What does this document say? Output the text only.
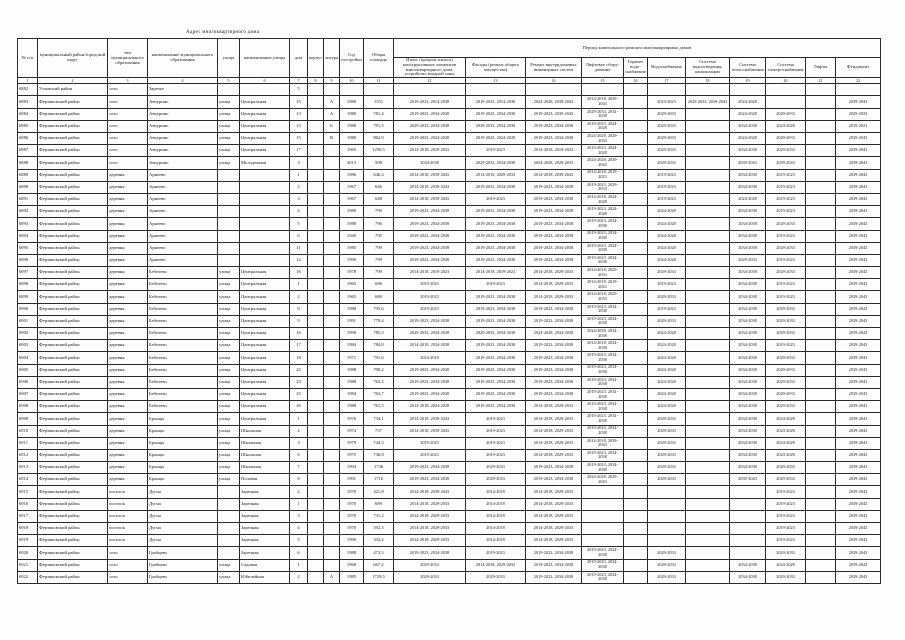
Адрес многоквартирного дома
№ п/п	муниципальный район/городской округ	тип муниципального образования	наименование муниципального образования	улица	наименование улицы	дом	корпус	литера	Год постройки	Общая площадь	Период капитального ремонта многоквартирных домов										
											Износ (процент износа) конструктивных элементов многоквартирного дома, устройство входной зоны	Фасады (ремонт общего имущества)	Ремонт внутридомовых инженерных систем	Лифтовое обору-дование	Горячее водо-снабжение	Водоснабжение	Система водоотведения, канализации	Система теплоснабжения	Система электроснабжения	Лифты	Фундамент
1	2	3	4	5	6	7	8	9	10	11	12	13	14	15	16	17	18	19	20	21	22
6882	Узловский район	село	Заречье			5															
6883	Ферзиковский район	село	Авчурино	улица	Центральная	15		А	1980	1551	2019-2023, 2014-2038	2019-2023, 2014-2038	2024-2028, 2039-2043	2014-2018, 2039-2043		2019-2023	2029-2033, 2039-2043	2024-2028			2039-2043
6884	Ферзиковский район	село	Авчурино	улица	Центральная	13		А	1980	781,4	2019-2023, 2034-2038	2019-2023, 2034-2038	2019-2023, 2039-2043	2029-2033, 2034-2038		2029-2033		2024-2028	2029-2033		2029-2033
6885	Ферзиковский район	село	Авчурино	улица	Центральная	13		Б	1980	791,5	2029-2033, 2034-2038	2029-2033, 2034-2038	2019-2023, 2034-2038	2019-2023, 2024-2028		2029-2033		2034-2038	2024-2028		2019-2023
6886	Ферзиковский район	село	Авчурино	улица	Центральная	15		В	1980	862,9	2019-2023, 2024-2028	2019-2023, 2024-2028	2019-2023, 2034-2038	2024-2028, 2029-2033		2029-2033		2024-2028	2029-2033		2039-2043
6887	Ферзиковский район	село	Авчурино	улица	Центральная	17			1965	1296,5	2014-2018, 2029-2033	2019-2023	2014-2018, 2019-2023	2019-2023, 2024-2028		2029-2033		2034-2038	2029-2033		2039-2043
6888	Ферзиковский район	село	Авчурино	улица	Молодежная	3			2013	508	2034-2038	2029-2033, 2034-2038	2024-2028, 2029-2033	2024-2028, 2039-2043		2029-2033		2039-2043	2039-2043		2039-2043
6889	Ферзиковский район	деревня	Арнеево			1			1986	646,4	2014-2018, 2039-2043	2014-2018, 2029-2033	2014-2018, 2039-2043	2014-2018, 2019-2023		2019-2023		2034-2038	2019-2023		2039-2043
6890	Ферзиковский район	деревня	Арнеево			2			1967	646	2014-2018, 2039-2043	2019-2023, 2034-2038	2019-2023, 2034-2038	2019-2023, 2029-2033		2019-2023		2034-2038	2019-2023		2039-2043
6891	Ферзиковский район	деревня	Арнеево			3			1967	648	2014-2018, 2039-2043	2019-2023	2019-2023, 2034-2038	2014-2018, 2024-2028		2019-2023		2024-2028	2019-2023		2039-2043
6892	Ферзиковский район	деревня	Арнеево			4			1980	790	2019-2023, 2034-2038	2019-2023, 2034-2038	2019-2023, 2034-2038	2019-2023, 2024-2028		2024-2028		2034-2038	2019-2023		2039-2043
6893	Ферзиковский район	деревня	Арнеево			5			1988	796	2019-2023, 2034-2038	2019-2023, 2034-2038	2019-2023, 2034-2038	2019-2023, 2034-2038		2024-2028		2034-2038	2029-2033		2039-2043
6894	Ферзиковский район	деревня	Арнеево			6			1940	795	2019-2023, 2034-2038	2019-2023, 2034-2038	2019-2023, 2034-2038	2019-2023, 2034-2038		2024-2028		2034-2038	2019-2023		2039-2043
6895	Ферзиковский район	деревня	Арнеево			11			1985	799	2019-2023, 2034-2038	2019-2023, 2034-2038	2019-2023, 2034-2038	2019-2023, 2034-2038		2024-2028		2034-2038	2029-2033		2039-2043
6896	Ферзиковский район	деревня	Арнеево			12			1990	799	2019-2023, 2034-2038	2019-2023, 2034-2038	2019-2023, 2034-2038	2019-2023, 2034-2038		2024-2028		2029-2033	2019-2023		2039-2043
6897	Ферзиковский район	деревня	Бебелево	улица	Центральная	16			1978	799	2014-2018, 2019-2023	2014-2018, 2019-2023	2014-2018, 2029-2033	2014-2018, 2029-2033		2029-2033		2034-2038	2029-2033		2039-2043
6898	Ферзиковский район	деревня	Бебелево	улица	Центральная	1			1965	686	2019-2023	2019-2023	2014-2018, 2029-2033	2014-2018, 2019-2023		2019-2023		2034-2038	2019-2023		2039-2043
6899	Ферзиковский район	деревня	Бебелево	улица	Центральная	2			1965	680	2019-2023	2019-2023, 2034-2038	2014-2018, 2029-2033	2014-2018, 2029-2033		2029-2033		2034-2038	2019-2023		2039-2043
6900	Ферзиковский район	деревня	Бебелево	улица	Центральная	8			1988	795,6	2019-2023	2019-2023, 2034-2038	2019-2023, 2034-2038	2019-2023, 2034-2038		2019-2023		2034-2038	2029-2033		2039-2043
6901	Ферзиковский район	деревня	Бебелево	улица	Центральная	9			1991	779,4	2019-2023, 2034-2038	2019-2023, 2034-2038	2019-2023, 2034-2038	2019-2023, 2034-2038		2029-2033		2034-2038	2029-2033		2039-2043
6902	Ферзиковский район	деревня	Бебелево	улица	Центральная	16			1990	785,3	2029-2033, 2034-2038	2029-2033, 2034-2038	2024-2028, 2034-2038	2024-2028, 2034-2038		2024-2028		2034-2038	2029-2033		2039-2043
6903	Ферзиковский район	деревня	Бебелево	улица	Центральная	17			1984	784,8	2014-2018, 2034-2038	2019-2023, 2034-2038	2019-2023, 2034-2038	2014-2018, 2034-2038		2024-2028		2034-2038	2019-2023		2039-2043
6904	Ферзиковский район	деревня	Бебелево	улица	Центральная	18			1971	791,6	2014-2018	2019-2023, 2034-2038	2019-2023, 2034-2038	2019-2023, 2034-2038		2024-2028		2034-2038	2029-2033		2039-2043
6905	Ферзиковский район	деревня	Бебелево	улица	Центральная	22			1988	790,2	2019-2023, 2034-2038	2019-2023, 2034-2038	2019-2023, 2034-2038	2019-2023, 2034-2038		2024-2028		2034-2038	2029-2033		2039-2043
6906	Ферзиковский район	деревня	Бебелево	улица	Центральная	23			1988	763,4	2019-2023, 2034-2038	2019-2023, 2034-2038	2019-2023, 2034-2038	2019-2023, 2034-2038		2024-2028		2034-2038	2029-2033		2039-2043
6907	Ферзиковский район	деревня	Бебелево	улица	Центральная	25			1984	763,7	2019-2023, 2034-2038	2019-2023, 2034-2038	2019-2023, 2034-2038	2019-2023, 2034-2038		2024-2028		2034-2038	2029-2033		2039-2043
6908	Ферзиковский район	деревня	Бебелево	улица	Центральная	26			1988	761,5	2014-2018, 2024-2028	2019-2023, 2034-2038	2014-2018, 2029-2033	2019-2023, 2034-2038		2024-2028		2034-2038	2029-2033		2039-2043
6909	Ферзиковский район	деревня	Бронцы	улица	Центральная	1			1976	734,1	2014-2018, 2039-2043	2019-2023	2014-2018, 2029-2033	2019-2023, 2034-2038		2029-2033		2034-2038	2024-2028		2039-2043
6910	Ферзиковский район	деревня	Бронцы	улица	Школьная	2			1974	737	2014-2018, 2039-2043	2019-2023	2014-2018, 2029-2033	2019-2023, 2034-2038		2029-2033		2034-2038	2024-2028		2039-2043
6911	Ферзиковский район	деревня	Бронцы	улица	Школьная	3			1979	744,3	2019-2023	2019-2023	2014-2018, 2029-2033	2014-2018, 2039-2043		2029-2033		2034-2038	2024-2028		2039-2043
6912	Ферзиковский район	деревня	Бронцы	улица	Школьная	6			1975	736,8	2019-2023	2019-2023	2014-2018, 2029-2033	2019-2023, 2034-2038		2029-2033		2034-2038	2024-2028		2039-2043
6913	Ферзиковский район	деревня	Бронцы	улица	Школьная	7			1994	1736	2019-2023, 2034-2038	2029-2033	2019-2023, 2034-2038	2019-2023, 2034-2038		2029-2033		2034-2038	2029-2033		2039-2043
6914	Ферзиковский район	деревня	Бронцы	улица	Полевая	8			1991	1716	2019-2023, 2034-2038	2029-2033	2019-2023, 2034-2038	2024-2028, 2039-2043		2029-2033		2039-2043	2029-2033		2039-2043
6915	Ферзиковский район	поселок	Дугна		Заречная	2			1970	421,8	2014-2018, 2039-2043	2014-2018	2014-2018, 2029-2033						2019-2023		2039-2043
6916	Ферзиковский район	поселок	Дугна		Заречная	1			1970	689	2014-2018, 2029-2033	2014-2018	2014-2018, 2029-2033						2019-2023		2039-2043
6917	Ферзиковский район	поселок	Дугна		Заречная	3			1970	731,2	2014-2018, 2029-2033	2014-2018	2014-2018, 2029-2033						2019-2023		2039-2043
6918	Ферзиковский район	поселок	Дугна		Заречная	4			1970	592,3	2014-2018, 2029-2033	2014-2018	2014-2018, 2029-2033						2019-2023		2039-2043
6919	Ферзиковский район	поселок	Дугна		Заречная	5			1990	332,2	2014-2018, 2029-2033	2014-2018	2014-2018, 2029-2033						2019-2023		2039-2043
6920	Ферзиковский район	село	Грабцево		Заречная	6			1988	473,5	2019-2023, 2034-2038	2019-2023	2019-2023, 2034-2038	2019-2023, 2034-2038		2029-2033			2029-2033		2039-2043
6921	Ферзиковский район	село	Грабцево	улица	Садовая	1			1968	667,2	2029-2033	2014-2018, 2029-2033	2019-2023, 2034-2038	2019-2023, 2034-2038		2029-2033		2034-2038	2024-2028		2039-2043
6922	Ферзиковский район	село	Грабцево	улица	Юбилейная	2		А	1985	1729,5	2029-2033	2029-2033	2019-2023, 2034-2038	2019-2023, 2034-2038		2029-2033		2034-2038	2029-2033		2039-2043
